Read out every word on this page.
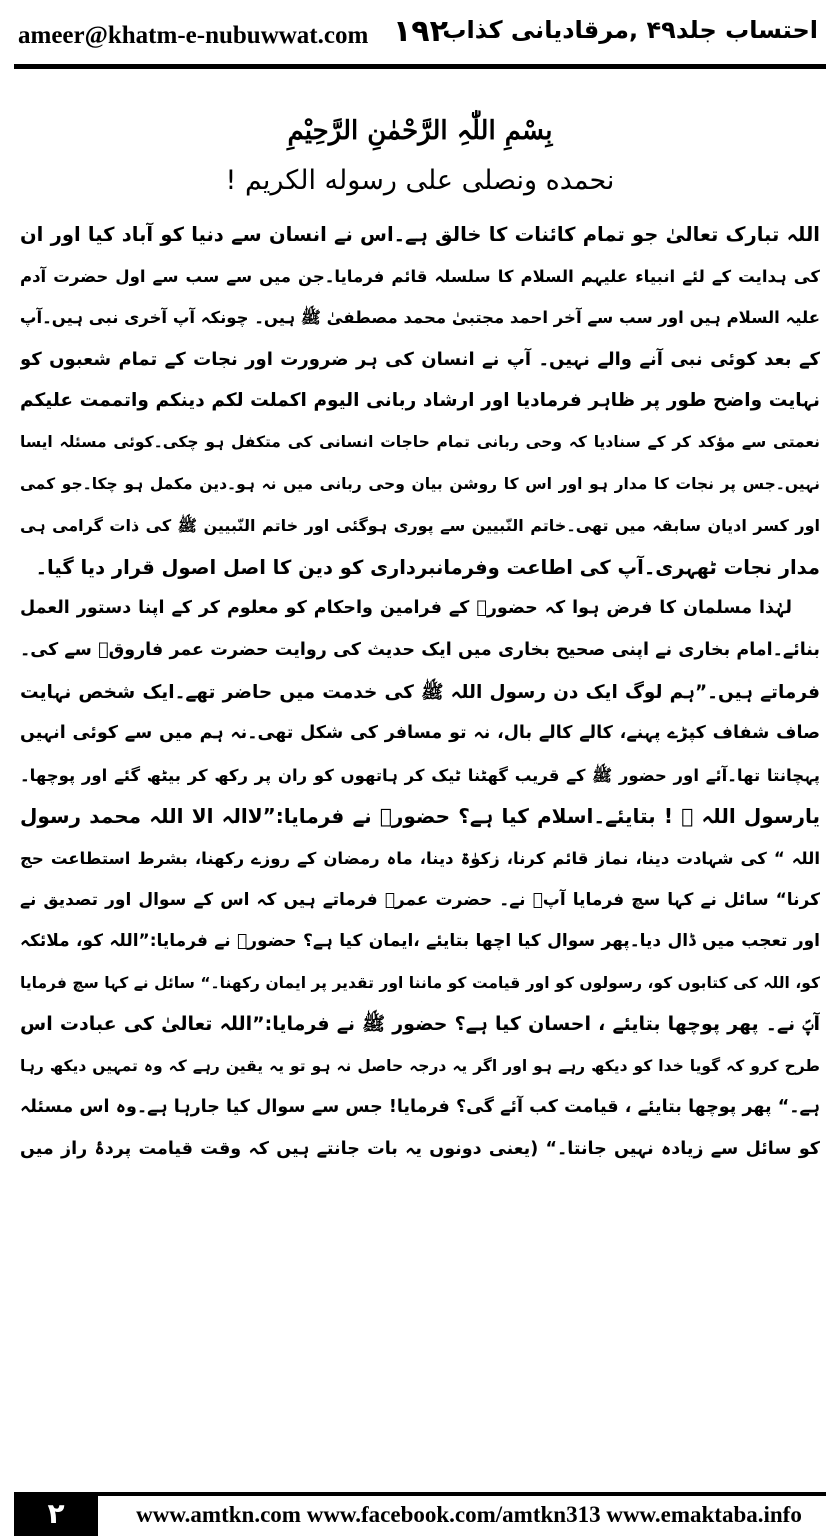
ameer@khatm-e-nubuwwat.com ۱۹۲
احتساب جلد۴۹ ,مرقادیانی کذاب
بِسْمِ اللّٰہِ الرَّحْمٰنِ الرَّحِیْمِ
نحمده ونصلی علی رسوله الکریم !
اللہ تبارک تعالیٰ جو تمام کائنات کا خالق ہے۔اس نے انسان سے دنیا کو آباد کیا اور ان
کی ہدایت کے لئے انبیاء علیہم السلام کا سلسلہ قائم فرمایا۔جن میں سے سب سے اول حضرت آدم
علیہ السلام ہیں اور سب سے آخر احمد مجتبیٰ محمد مصطفیٰ ﷺ ہیں۔ چونکہ آپ آخری نبی ہیں۔آپ
کے بعد کوئی نبی آنے والے نہیں۔ آپ نے انسان کی ہر ضرورت اور نجات کے تمام شعبوں کو
نہایت واضح طور پر ظاہر فرمادیا اور ارشاد ربانی الیوم اکملت لکم دینکم واتممت علیکم
نعمتی سے مؤکد کر کے سنادیا کہ وحی ربانی تمام حاجات انسانی کی متکفل ہو چکی۔کوئی مسئلہ ایسا
نہیں۔جس پر نجات کا مدار ہو اور اس کا روشن بیان وحی ربانی میں نہ ہو۔دین مکمل ہو چکا۔جو کمی
اور کسر ادیان سابقہ میں تھی۔خاتم النّبیین سے پوری ہوگئی اور خاتم النّبیین ﷺ کی ذات گرامی ہی
مدار نجات ٹھہری۔آپ کی اطاعت وفرمانبرداری کو دین کا اصل اصول قرار دیا گیا۔
لہٰذا مسلمان کا فرض ہوا کہ حضورؐ کے فرامین واحکام کو معلوم کر کے اپنا دستور العمل
بنائے۔امام بخاری نے اپنی صحیح بخاری میں ایک حدیث کی روایت حضرت عمر فاروقؓ سے کی۔
فرماتے ہیں۔”ہم لوگ ایک دن رسول اللہ ﷺ کی خدمت میں حاضر تھے۔ایک شخص نہایت
صاف شفاف کپڑے پہنے، کالے کالے بال، نہ تو مسافر کی شکل تھی۔نہ ہم میں سے کوئی انہیں
پہچانتا تھا۔آئے اور حضور ﷺ کے قریب گھٹنا ٹیک کر ہاتھوں کو ران پر رکھ کر بیٹھ گئے اور پوچھا۔
یارسول اللہ ﷺ ! بتایئے۔اسلام کیا ہے؟ حضورؐ نے فرمایا:”لاالہ الا اللہ محمد رسول
اللہ “ کی شہادت دینا، نماز قائم کرنا، زکوٰۃ دینا، ماہ رمضان کے روزے رکھنا، بشرط استطاعت حج
کرنا“ سائل نے کہا سچ فرمایا آپؐ نے۔ حضرت عمرؓ فرماتے ہیں کہ اس کے سوال اور تصدیق نے
اور تعجب میں ڈال دیا۔پھر سوال کیا اچھا بتایئے ،ایمان کیا ہے؟ حضورؐ نے فرمایا:”اللہ کو، ملائکہ
کو، اللہ کی کتابوں کو، رسولوں کو اور قیامت کو ماننا اور تقدیر پر ایمان رکھنا۔“ سائل نے کہا سچ فرمایا
آپؐ نے۔ پھر پوچھا بتایئے ، احسان کیا ہے؟ حضور ﷺ نے فرمایا:”اللہ تعالیٰ کی عبادت اس
طرح کرو کہ گویا خدا کو دیکھ رہے ہو اور اگر یہ درجہ حاصل نہ ہو تو یہ یقین رہے کہ وہ تمہیں دیکھ رہا
ہے۔“ پھر پوچھا بتایئے ، قیامت کب آئے گی؟ فرمایا! جس سے سوال کیا جارہا ہے۔وہ اس مسئلہ
کو سائل سے زیادہ نہیں جانتا۔“ (یعنی دونوں یہ بات جانتے ہیں کہ وقت قیامت پردۂ راز میں
۲	www.amtkn.com www.facebook.com/amtkn313 www.emaktaba.info
